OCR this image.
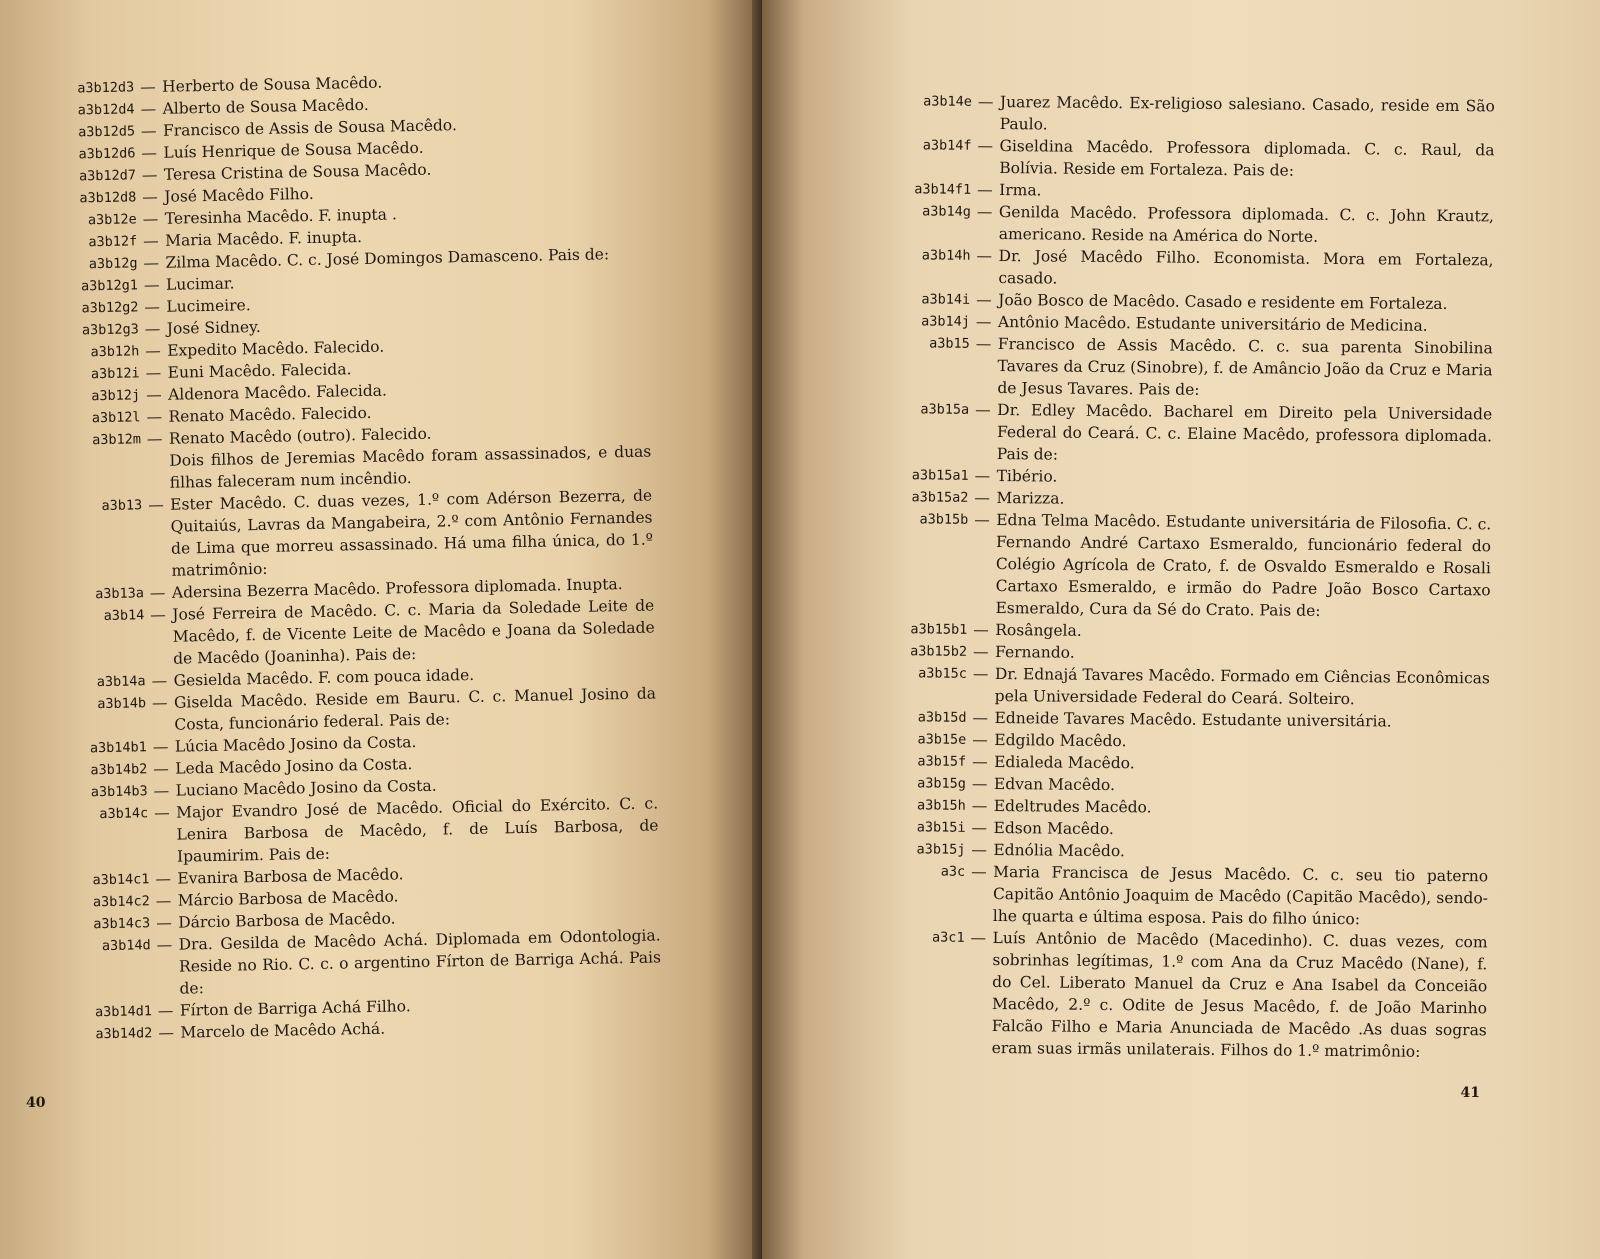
a3b12d3 — Herberto de Sousa Macêdo.
a3b12d4 — Alberto de Sousa Macêdo.
a3b12d5 — Francisco de Assis de Sousa Macêdo.
a3b12d6 — Luís Henrique de Sousa Macêdo.
a3b12d7 — Teresa Cristina de Sousa Macêdo.
a3b12d8 — José Macêdo Filho.
a3b12e — Teresinha Macêdo. F. inupta .
a3b12f — Maria Macêdo. F. inupta.
a3b12g — Zilma Macêdo. C. c. José Domingos Damasceno. Pais de:
a3b12g1 — Lucimar.
a3b12g2 — Lucimeire.
a3b12g3 — José Sidney.
a3b12h — Expedito Macêdo. Falecido.
a3b12i — Euni Macêdo. Falecida.
a3b12j — Aldenora Macêdo. Falecida.
a3b12l — Renato Macêdo. Falecido.
a3b12m — Renato Macêdo (outro). Falecido.
Dois filhos de Jeremias Macêdo foram assassinados, e duas filhas faleceram num incêndio.
a3b13 — Ester Macêdo. C. duas vezes, 1.º com Adérson Bezerra, de Quitaiús, Lavras da Mangabeira, 2.º com Antônio Fernandes de Lima que morreu assassinado. Há uma filha única, do 1.º matrimônio:
a3b13a — Adersina Bezerra Macêdo. Professora diplomada. Inupta.
a3b14 — José Ferreira de Macêdo. C. c. Maria da Soledade Leite de Macêdo, f. de Vicente Leite de Macêdo e Joana da Soledade de Macêdo (Joaninha). Pais de:
a3b14a — Gesielda Macêdo. F. com pouca idade.
a3b14b — Giselda Macêdo. Reside em Bauru. C. c. Manuel Josino da Costa, funcionário federal. Pais de:
a3b14b1 — Lúcia Macêdo Josino da Costa.
a3b14b2 — Leda Macêdo Josino da Costa.
a3b14b3 — Luciano Macêdo Josino da Costa.
a3b14c — Major Evandro José de Macêdo. Oficial do Exército. C. c. Lenira Barbosa de Macêdo, f. de Luís Barbosa, de Ipaumirim. Pais de:
a3b14c1 — Evanira Barbosa de Macêdo.
a3b14c2 — Márcio Barbosa de Macêdo.
a3b14c3 — Dárcio Barbosa de Macêdo.
a3b14d — Dra. Gesilda de Macêdo Achá. Diplomada em Odontologia. Reside no Rio. C. c. o argentino Fírton de Barriga Achá. Pais de:
a3b14d1 — Fírton de Barriga Achá Filho.
a3b14d2 — Marcelo de Macêdo Achá.
40
a3b14e — Juarez Macêdo. Ex-religioso salesiano. Casado, reside em São Paulo.
a3b14f — Giseldina Macêdo. Professora diplomada. C. c. Raul, da Bolívia. Reside em Fortaleza. Pais de:
a3b14f1 — Irma.
a3b14g — Genilda Macêdo. Professora diplomada. C. c. John Krautz, americano. Reside na América do Norte.
a3b14h — Dr. José Macêdo Filho. Economista. Mora em Fortaleza, casado.
a3b14i — João Bosco de Macêdo. Casado e residente em Fortaleza.
a3b14j — Antônio Macêdo. Estudante universitário de Medicina.
a3b15 — Francisco de Assis Macêdo. C. c. sua parenta Sinobilina Tavares da Cruz (Sinobre), f. de Amâncio João da Cruz e Maria de Jesus Tavares. Pais de:
a3b15a — Dr. Edley Macêdo. Bacharel em Direito pela Universidade Federal do Ceará. C. c. Elaine Macêdo, professora diplomada. Pais de:
a3b15a1 — Tibério.
a3b15a2 — Marizza.
a3b15b — Edna Telma Macêdo. Estudante universitária de Filosofia. C. c. Fernando André Cartaxo Esmeraldo, funcionário federal do Colégio Agrícola de Crato, f. de Osvaldo Esmeraldo e Rosali Cartaxo Esmeraldo, e irmão do Padre João Bosco Cartaxo Esmeraldo, Cura da Sé do Crato. Pais de:
a3b15b1 — Rosângela.
a3b15b2 — Fernando.
a3b15c — Dr. Ednajá Tavares Macêdo. Formado em Ciências Econômicas pela Universidade Federal do Ceará. Solteiro.
a3b15d — Edneide Tavares Macêdo. Estudante universitária.
a3b15e — Edgildo Macêdo.
a3b15f — Edialeda Macêdo.
a3b15g — Edvan Macêdo.
a3b15h — Edeltrudes Macêdo.
a3b15i — Edson Macêdo.
a3b15j — Ednólia Macêdo.
a3c — Maria Francisca de Jesus Macêdo. C. c. seu tio paterno Capitão Antônio Joaquim de Macêdo (Capitão Macêdo), sendo-lhe quarta e última esposa. Pais do filho único:
a3c1 — Luís Antônio de Macêdo (Macedinho). C. duas vezes, com sobrinhas legítimas, 1.º com Ana da Cruz Macêdo (Nane), f. do Cel. Liberato Manuel da Cruz e Ana Isabel da Conceião Macêdo, 2.º c. Odite de Jesus Macêdo, f. de João Marinho Falcão Filho e Maria Anunciada de Macêdo .As duas sogras eram suas irmãs unilaterais. Filhos do 1.º matrimônio:
41
